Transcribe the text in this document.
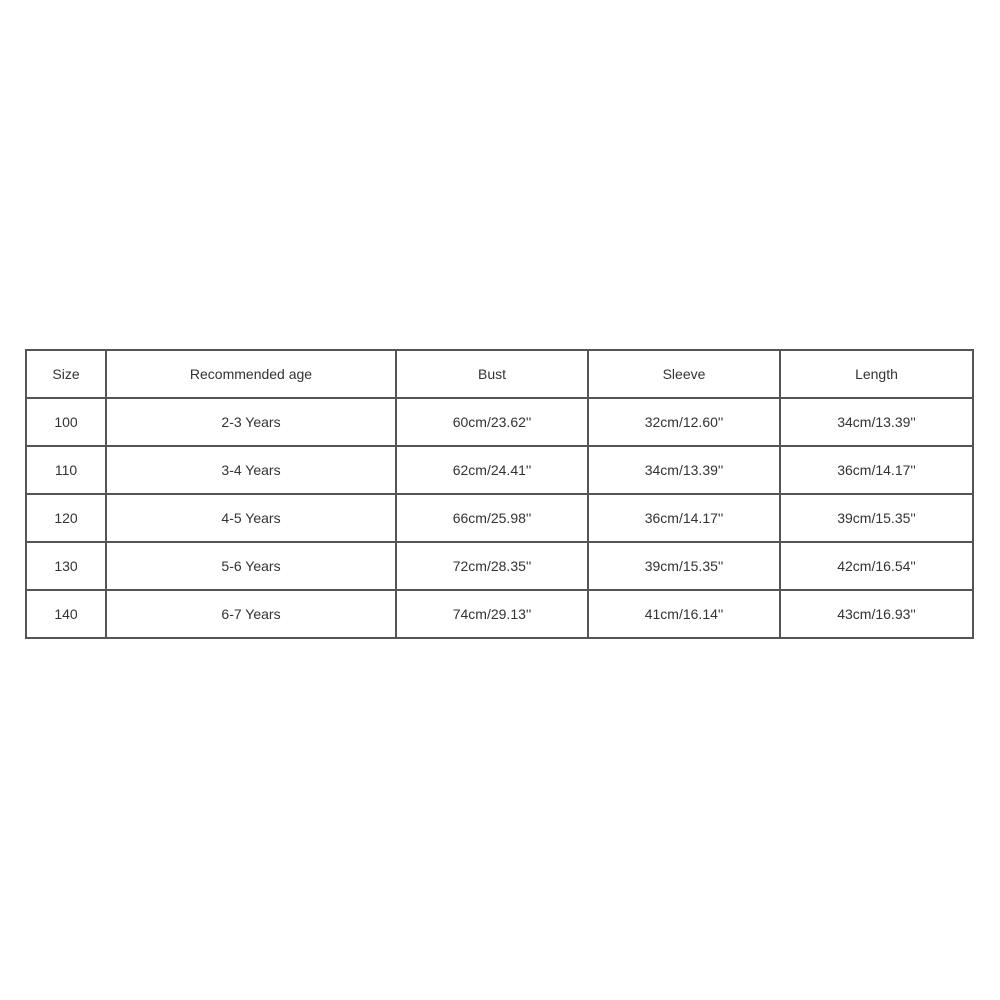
Size	Recommended age	Bust	Sleeve	Length
100	2-3 Years	60cm/23.62''	32cm/12.60''	34cm/13.39''
110	3-4 Years	62cm/24.41''	34cm/13.39''	36cm/14.17''
120	4-5 Years	66cm/25.98''	36cm/14.17''	39cm/15.35''
130	5-6 Years	72cm/28.35''	39cm/15.35''	42cm/16.54''
140	6-7 Years	74cm/29.13''	41cm/16.14''	43cm/16.93''
